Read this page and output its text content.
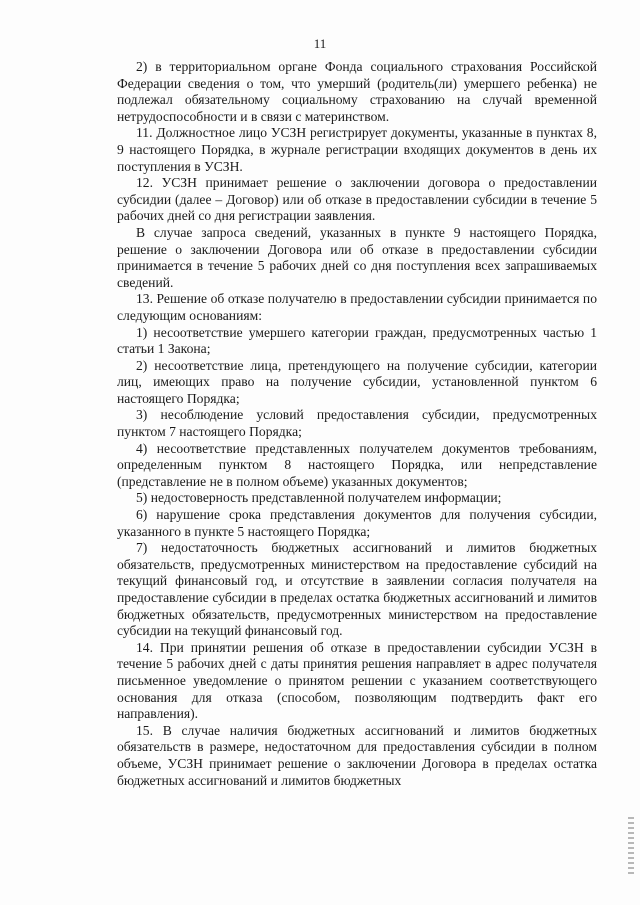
11

2) в территориальном органе Фонда социального страхования Российской Федерации сведения о том, что умерший (родитель(ли) умершего ребенка) не подлежал обязательному социальному страхованию на случай временной нетрудоспособности и в связи с материнством.

11. Должностное лицо УСЗН регистрирует документы, указанные в пунктах 8, 9 настоящего Порядка, в журнале регистрации входящих документов в день их поступления в УСЗН.

12. УСЗН принимает решение о заключении договора о предоставлении субсидии (далее – Договор) или об отказе в предоставлении субсидии в течение 5 рабочих дней со дня регистрации заявления.

В случае запроса сведений, указанных в пункте 9 настоящего Порядка, решение о заключении Договора или об отказе в предоставлении субсидии принимается в течение 5 рабочих дней со дня поступления всех запрашиваемых сведений.

13. Решение об отказе получателю в предоставлении субсидии принимается по следующим основаниям:

1) несоответствие умершего категории граждан, предусмотренных частью 1 статьи 1 Закона;

2) несоответствие лица, претендующего на получение субсидии, категории лиц, имеющих право на получение субсидии, установленной пунктом 6 настоящего Порядка;

3) несоблюдение условий предоставления субсидии, предусмотренных пунктом 7 настоящего Порядка;

4) несоответствие представленных получателем документов требованиям, определенным пунктом 8 настоящего Порядка, или непредставление (представление не в полном объеме) указанных документов;

5) недостоверность представленной получателем информации;

6) нарушение срока представления документов для получения субсидии, указанного в пункте 5 настоящего Порядка;

7) недостаточность бюджетных ассигнований и лимитов бюджетных обязательств, предусмотренных министерством на предоставление субсидий на текущий финансовый год, и отсутствие в заявлении согласия получателя на предоставление субсидии в пределах остатка бюджетных ассигнований и лимитов бюджетных обязательств, предусмотренных министерством на предоставление субсидии на текущий финансовый год.

14. При принятии решения об отказе в предоставлении субсидии УСЗН в течение 5 рабочих дней с даты принятия решения направляет в адрес получателя письменное уведомление о принятом решении с указанием соответствующего основания для отказа (способом, позволяющим подтвердить факт его направления).

15. В случае наличия бюджетных ассигнований и лимитов бюджетных обязательств в размере, недостаточном для предоставления субсидии в полном объеме, УСЗН принимает решение о заключении Договора в пределах остатка бюджетных ассигнований и лимитов бюджетных
